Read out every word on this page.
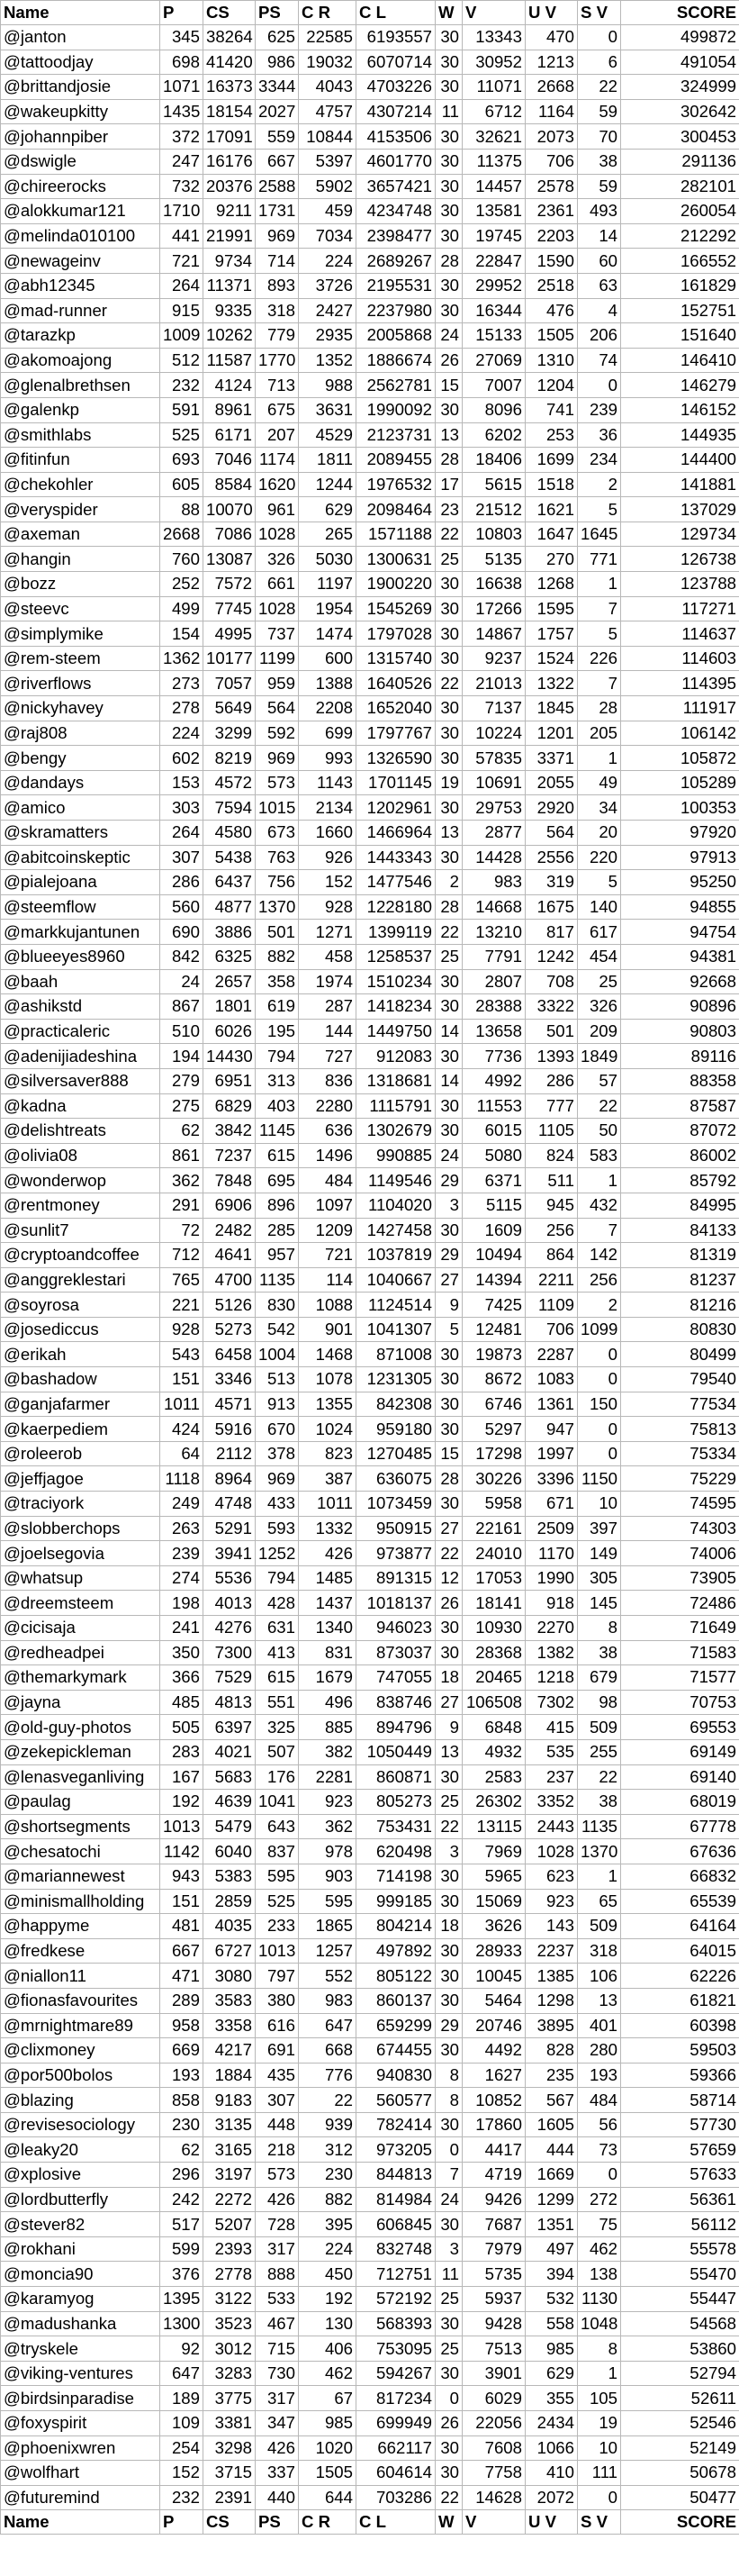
Name	P	CS	PS	C R	C L	W	V	U V	S V	SCORE
@janton	345	38264	625	22585	6193557	30	13343	470	0	499872
@tattoodjay	698	41420	986	19032	6070714	30	30952	1213	6	491054
@brittandjosie	1071	16373	3344	4043	4703226	30	11071	2668	22	324999
@wakeupkitty	1435	18154	2027	4757	4307214	11	6712	1164	59	302642
@johannpiber	372	17091	559	10844	4153506	30	32621	2073	70	300453
@dswigle	247	16176	667	5397	4601770	30	11375	706	38	291136
@chireerocks	732	20376	2588	5902	3657421	30	14457	2578	59	282101
@alokkumar121	1710	9211	1731	459	4234748	30	13581	2361	493	260054
@melinda010100	441	21991	969	7034	2398477	30	19745	2203	14	212292
@newageinv	721	9734	714	224	2689267	28	22847	1590	60	166552
@abh12345	264	11371	893	3726	2195531	30	29952	2518	63	161829
@mad-runner	915	9335	318	2427	2237980	30	16344	476	4	152751
@tarazkp	1009	10262	779	2935	2005868	24	15133	1505	206	151640
@akomoajong	512	11587	1770	1352	1886674	26	27069	1310	74	146410
@glenalbrethsen	232	4124	713	988	2562781	15	7007	1204	0	146279
@galenkp	591	8961	675	3631	1990092	30	8096	741	239	146152
@smithlabs	525	6171	207	4529	2123731	13	6202	253	36	144935
@fitinfun	693	7046	1174	1811	2089455	28	18406	1699	234	144400
@chekohler	605	8584	1620	1244	1976532	17	5615	1518	2	141881
@veryspider	88	10070	961	629	2098464	23	21512	1621	5	137029
@axeman	2668	7086	1028	265	1571188	22	10803	1647	1645	129734
@hangin	760	13087	326	5030	1300631	25	5135	270	771	126738
@bozz	252	7572	661	1197	1900220	30	16638	1268	1	123788
@steevc	499	7745	1028	1954	1545269	30	17266	1595	7	117271
@simplymike	154	4995	737	1474	1797028	30	14867	1757	5	114637
@rem-steem	1362	10177	1199	600	1315740	30	9237	1524	226	114603
@riverflows	273	7057	959	1388	1640526	22	21013	1322	7	114395
@nickyhavey	278	5649	564	2208	1652040	30	7137	1845	28	111917
@raj808	224	3299	592	699	1797767	30	10224	1201	205	106142
@bengy	602	8219	969	993	1326590	30	57835	3371	1	105872
@dandays	153	4572	573	1143	1701145	19	10691	2055	49	105289
@amico	303	7594	1015	2134	1202961	30	29753	2920	34	100353
@skramatters	264	4580	673	1660	1466964	13	2877	564	20	97920
@abitcoinskeptic	307	5438	763	926	1443343	30	14428	2556	220	97913
@pialejoana	286	6437	756	152	1477546	2	983	319	5	95250
@steemflow	560	4877	1370	928	1228180	28	14668	1675	140	94855
@markkujantunen	690	3886	501	1271	1399119	22	13210	817	617	94754
@blueeyes8960	842	6325	882	458	1258537	25	7791	1242	454	94381
@baah	24	2657	358	1974	1510234	30	2807	708	25	92668
@ashikstd	867	1801	619	287	1418234	30	28388	3322	326	90896
@practicaleric	510	6026	195	144	1449750	14	13658	501	209	90803
@adenijiadeshina	194	14430	794	727	912083	30	7736	1393	1849	89116
@silversaver888	279	6951	313	836	1318681	14	4992	286	57	88358
@kadna	275	6829	403	2280	1115791	30	11553	777	22	87587
@delishtreats	62	3842	1145	636	1302679	30	6015	1105	50	87072
@olivia08	861	7237	615	1496	990885	24	5080	824	583	86002
@wonderwop	362	7848	695	484	1149546	29	6371	511	1	85792
@rentmoney	291	6906	896	1097	1104020	3	5115	945	432	84995
@sunlit7	72	2482	285	1209	1427458	30	1609	256	7	84133
@cryptoandcoffee	712	4641	957	721	1037819	29	10494	864	142	81319
@anggreklestari	765	4700	1135	114	1040667	27	14394	2211	256	81237
@soyrosa	221	5126	830	1088	1124514	9	7425	1109	2	81216
@josediccus	928	5273	542	901	1041307	5	12481	706	1099	80830
@erikah	543	6458	1004	1468	871008	30	19873	2287	0	80499
@bashadow	151	3346	513	1078	1231305	30	8672	1083	0	79540
@ganjafarmer	1011	4571	913	1355	842308	30	6746	1361	150	77534
@kaerpediem	424	5916	670	1024	959180	30	5297	947	0	75813
@roleerob	64	2112	378	823	1270485	15	17298	1997	0	75334
@jeffjagoe	1118	8964	969	387	636075	28	30226	3396	1150	75229
@traciyork	249	4748	433	1011	1073459	30	5958	671	10	74595
@slobberchops	263	5291	593	1332	950915	27	22161	2509	397	74303
@joelsegovia	239	3941	1252	426	973877	22	24010	1170	149	74006
@whatsup	274	5536	794	1485	891315	12	17053	1990	305	73905
@dreemsteem	198	4013	428	1437	1018137	26	18141	918	145	72486
@cicisaja	241	4276	631	1340	946023	30	10930	2270	8	71649
@redheadpei	350	7300	413	831	873037	30	28368	1382	38	71583
@themarkymark	366	7529	615	1679	747055	18	20465	1218	679	71577
@jayna	485	4813	551	496	838746	27	106508	7302	98	70753
@old-guy-photos	505	6397	325	885	894796	9	6848	415	509	69553
@zekepickleman	283	4021	507	382	1050449	13	4932	535	255	69149
@lenasveganliving	167	5683	176	2281	860871	30	2583	237	22	69140
@paulag	192	4639	1041	923	805273	25	26302	3352	38	68019
@shortsegments	1013	5479	643	362	753431	22	13115	2443	1135	67778
@chesatochi	1142	6040	837	978	620498	3	7969	1028	1370	67636
@mariannewest	943	5383	595	903	714198	30	5965	623	1	66832
@minismallholding	151	2859	525	595	999185	30	15069	923	65	65539
@happyme	481	4035	233	1865	804214	18	3626	143	509	64164
@fredkese	667	6727	1013	1257	497892	30	28933	2237	318	64015
@niallon11	471	3080	797	552	805122	30	10045	1385	106	62226
@fionasfavourites	289	3583	380	983	860137	30	5464	1298	13	61821
@mrnightmare89	958	3358	616	647	659299	29	20746	3895	401	60398
@clixmoney	669	4217	691	668	674455	30	4492	828	280	59503
@por500bolos	193	1884	435	776	940830	8	1627	235	193	59366
@blazing	858	9183	307	22	560577	8	10852	567	484	58714
@revisesociology	230	3135	448	939	782414	30	17860	1605	56	57730
@leaky20	62	3165	218	312	973205	0	4417	444	73	57659
@xplosive	296	3197	573	230	844813	7	4719	1669	0	57633
@lordbutterfly	242	2272	426	882	814984	24	9426	1299	272	56361
@stever82	517	5207	728	395	606845	30	7687	1351	75	56112
@rokhani	599	2393	317	224	832748	3	7979	497	462	55578
@moncia90	376	2778	888	450	712751	11	5735	394	138	55470
@karamyog	1395	3122	533	192	572192	25	5937	532	1130	55447
@madushanka	1300	3523	467	130	568393	30	9428	558	1048	54568
@tryskele	92	3012	715	406	753095	25	7513	985	8	53860
@viking-ventures	647	3283	730	462	594267	30	3901	629	1	52794
@birdsinparadise	189	3775	317	67	817234	0	6029	355	105	52611
@foxyspirit	109	3381	347	985	699949	26	22056	2434	19	52546
@phoenixwren	254	3298	426	1020	662117	30	7608	1066	10	52149
@wolfhart	152	3715	337	1505	604614	30	7758	410	111	50678
@futuremind	232	2391	440	644	703286	22	14628	2072	0	50477
Name	P	CS	PS	C R	C L	W	V	U V	S V	SCORE
